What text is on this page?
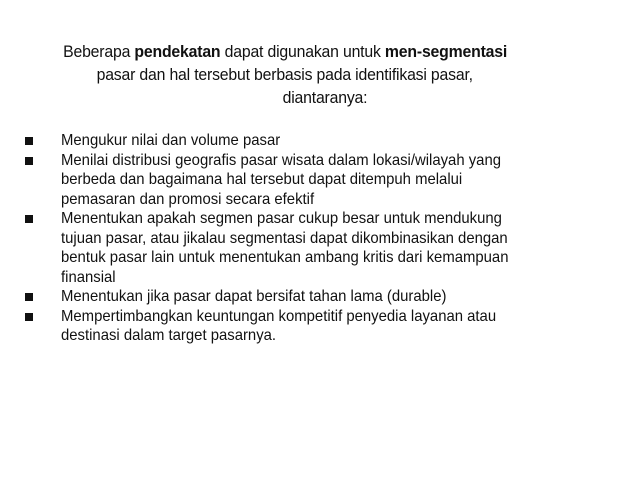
Beberapa pendekatan dapat digunakan untuk men-segmentasi
pasar dan hal tersebut berbasis pada identifikasi pasar,
diantaranya:
Mengukur nilai dan volume pasar
Menilai distribusi geografis pasar wisata dalam lokasi/wilayah yang
berbeda dan bagaimana hal tersebut dapat ditempuh melalui
pemasaran dan promosi secara efektif
Menentukan apakah segmen pasar cukup besar untuk mendukung
tujuan pasar, atau jikalau segmentasi dapat dikombinasikan dengan
bentuk pasar lain untuk menentukan ambang kritis dari kemampuan
finansial
Menentukan jika pasar dapat bersifat tahan lama (durable)
Mempertimbangkan keuntungan kompetitif penyedia layanan atau
destinasi dalam target pasarnya.
